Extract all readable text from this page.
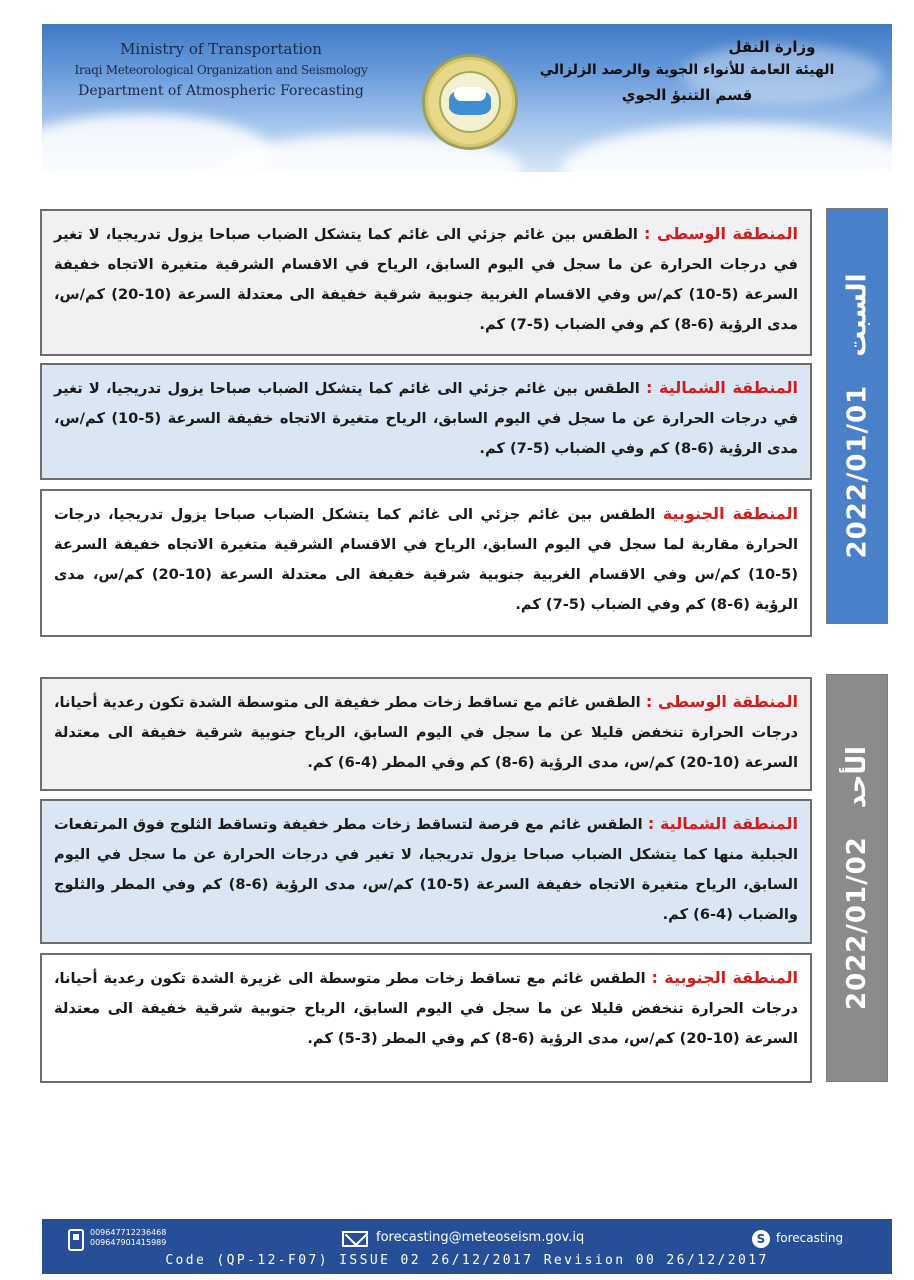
Ministry of Transportation
Iraqi Meteorological Organization and Seismology
Department of Atmospheric Forecasting
وزارة النقل
الهيئة العامة للأنواء الجوية والرصد الزلزالي
قسم التنبؤ الجوي
2022/01/01
السبت
المنطقة الوسطى : الطقس بين غائم جزئي الى غائم كما يتشكل الضباب صباحا يزول تدريجيا، لا تغير في درجات الحرارة عن ما سجل في اليوم السابق، الرياح في الاقسام الشرقية متغيرة الاتجاه خفيفة السرعة (5-10) كم/س وفي الاقسام الغربية جنوبية شرقية خفيفة الى معتدلة السرعة (10-20) كم/س، مدى الرؤية (6-8) كم وفي الضباب (5-7) كم.
المنطقة الشمالية : الطقس بين غائم جزئي الى غائم كما يتشكل الضباب صباحا يزول تدريجيا، لا تغير في درجات الحرارة عن ما سجل في اليوم السابق، الرياح متغيرة الاتجاه خفيفة السرعة (5-10) كم/س، مدى الرؤية (6-8) كم وفي الضباب (5-7) كم.
المنطقة الجنوبية الطقس بين غائم جزئي الى غائم كما يتشكل الضباب صباحا يزول تدريجيا، درجات الحرارة مقاربة لما سجل في اليوم السابق، الرياح في الاقسام الشرقية متغيرة الاتجاه خفيفة السرعة (5-10) كم/س وفي الاقسام الغربية جنوبية شرقية خفيفة الى معتدلة السرعة (10-20) كم/س، مدى الرؤية (6-8) كم وفي الضباب (5-7) كم.
2022/01/02
الأحد
المنطقة الوسطى : الطقس غائم مع تساقط زخات مطر خفيفة الى متوسطة الشدة تكون رعدية أحيانا، درجات الحرارة تنخفض قليلا عن ما سجل في اليوم السابق، الرياح جنوبية شرقية خفيفة الى معتدلة السرعة (10-20) كم/س، مدى الرؤية (6-8) كم وفي المطر (4-6) كم.
المنطقة الشمالية : الطقس غائم مع فرصة لتساقط زخات مطر خفيفة وتساقط الثلوج فوق المرتفعات الجبلية منها كما يتشكل الضباب صباحا يزول تدريجيا، لا تغير في درجات الحرارة عن ما سجل في اليوم السابق، الرياح متغيرة الاتجاه خفيفة السرعة (5-10) كم/س، مدى الرؤية (6-8) كم وفي المطر والثلوج والضباب (4-6) كم.
المنطقة الجنوبية : الطقس غائم مع تساقط زخات مطر متوسطة الى غزيرة الشدة تكون رعدية أحيانا، درجات الحرارة تنخفض قليلا عن ما سجل في اليوم السابق، الرياح جنوبية شرقية خفيفة الى معتدلة السرعة (10-20) كم/س، مدى الرؤية (6-8) كم وفي المطر (3-5) كم.
009647712236468
009647901415989	forecasting@meteoseism.gov.iq	S forecasting
Code (QP-12-F07) ISSUE 02 26/12/2017 Revision 00 26/12/2017
